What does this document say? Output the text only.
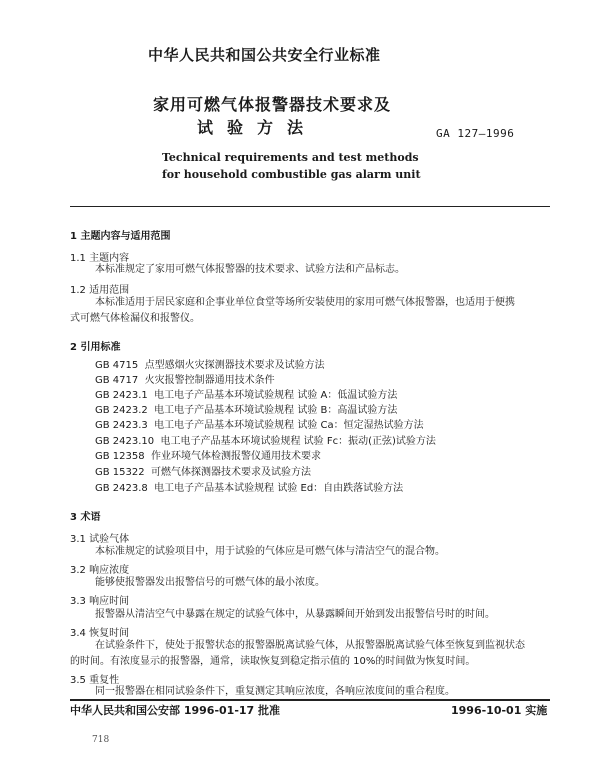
中华人民共和国公共安全行业标准
家用可燃气体报警器技术要求及
试验方法	GA 127—1996
Technical requirements and test methods
for household combustible gas alarm unit
1 主题内容与适用范围
1.1 主题内容
本标准规定了家用可燃气体报警器的技术要求、试验方法和产品标志。
1.2 适用范围
本标准适用于居民家庭和企事业单位食堂等场所安装使用的家用可燃气体报警器，也适用于便携
式可燃气体检漏仪和报警仪。
2 引用标准
GB 4715 点型感烟火灾探测器技术要求及试验方法
GB 4717 火灾报警控制器通用技术条件
GB 2423.1 电工电子产品基本环境试验规程 试验 A：低温试验方法
GB 2423.2 电工电子产品基本环境试验规程 试验 B：高温试验方法
GB 2423.3 电工电子产品基本环境试验规程 试验 Ca：恒定湿热试验方法
GB 2423.10 电工电子产品基本环境试验规程 试验 Fc：振动(正弦)试验方法
GB 12358 作业环境气体检测报警仪通用技术要求
GB 15322 可燃气体探测器技术要求及试验方法
GB 2423.8 电工电子产品基本试验规程 试验 Ed：自由跌落试验方法
3 术语
3.1 试验气体
本标准规定的试验项目中，用于试验的气体应是可燃气体与清洁空气的混合物。
3.2 响应浓度
能够使报警器发出报警信号的可燃气体的最小浓度。
3.3 响应时间
报警器从清洁空气中暴露在规定的试验气体中，从暴露瞬间开始到发出报警信号时的时间。
3.4 恢复时间
在试验条件下，使处于报警状态的报警器脱离试验气体，从报警器脱离试验气体至恢复到监视状态
的时间。有浓度显示的报警器，通常，读取恢复到稳定指示值的 10%的时间做为恢复时间。
3.5 重复性
同一报警器在相同试验条件下，重复测定其响应浓度，各响应浓度间的重合程度。
中华人民共和国公安部 1996-01-17 批准	1996-10-01 实施
718
